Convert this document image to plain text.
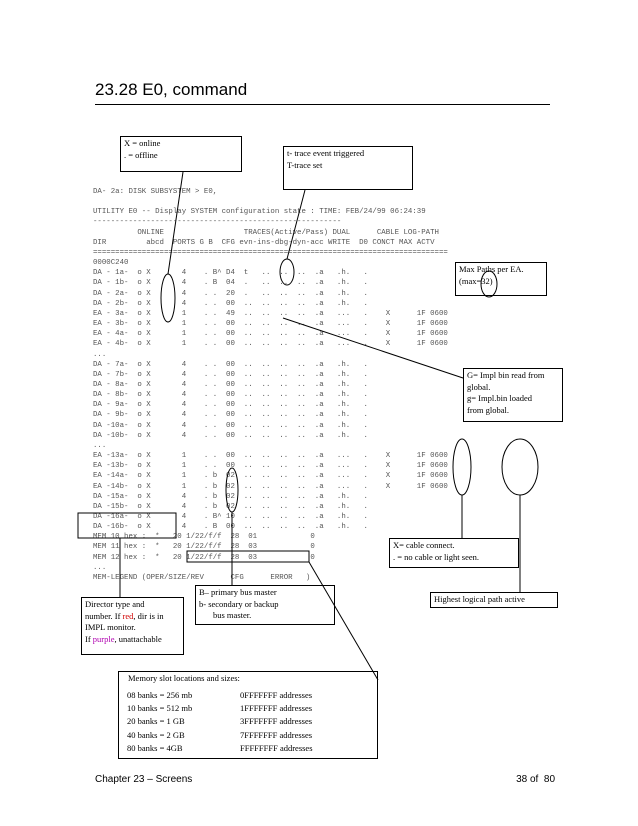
23.28 E0, command
DA- 2a: DISK SUBSYSTEM > E0,

UTILITY E0 -- Display SYSTEM configuration state : TIME: FEB/24/99 06:24:39
--------------------------------------------------------
ONLINE                  TRACES(Active/Pass) DUAL      CABLE LOG-PATH
DIR         abcd  PORTS G B  CFG evn-ins-dbg-dyn-acc WRITE  D0 CONCT MAX ACTV
================================================================================
0000C240
DA - 1a-  o X       4    . B^ D4  t   ..  ..  ..  .a   .h.   .
DA - 1b-  o X       4    . B  04  .   ..  ..  ..  .a   .h.   .
DA - 2a-  o X       4    . .  20  .   ..  ..  ..  .a   .h.   .
DA - 2b-  o X       4    . .  00  ..  ..  ..  ..  .a   .h.   .
EA - 3a-  o X       1    . .  49  ..  ..  ..  ..  .a   ...   .    X      1F 0600
EA - 3b-  o X       1    . .  00  ..  ..  ..  ..  .a   ...   .    X      1F 0600
EA - 4a-  o X       1    . .  00  ..  ..  ..  ..  .a   ...   .    X      1F 0600
EA - 4b-  o X       1    . .  00  ..  ..  ..  ..  .a   ...   .    X      1F 0600
...
DA - 7a-  o X       4    . .  00  ..  ..  ..  ..  .a   .h.   .
DA - 7b-  o X       4    . .  00  ..  ..  ..  ..  .a   .h.   .
DA - 8a-  o X       4    . .  00  ..  ..  ..  ..  .a   .h.   .
DA - 8b-  o X       4    . .  00  ..  ..  ..  ..  .a   .h.   .
DA - 9a-  o X       4    . .  00  ..  ..  ..  ..  .a   .h.   .
DA - 9b-  o X       4    . .  00  ..  ..  ..  ..  .a   .h.   .
DA -10a-  o X       4    . .  00  ..  ..  ..  ..  .a   .h.   .
DA -10b-  o X       4    . .  00  ..  ..  ..  ..  .a   .h.   .
...
EA -13a-  o X       1    . .  00  ..  ..  ..  ..  .a   ...   .    X      1F 0600
EA -13b-  o X       1    . .  00  ..  ..  ..  ..  .a   ...   .    X      1F 0600
EA -14a-  o X       1    . b  02  ..  ..  ..  ..  .a   ...   .    X      1F 0600
EA -14b-  o X       1    . b  02  ..  ..  ..  ..  .a   ...   .    X      1F 0600
DA -15a-  o X       4    . b  02  ..  ..  ..  ..  .a   .h.   .
DA -15b-  o X       4    . b  02  ..  ..  ..  ..  .a   .h.   .
DA -16a-  o X       4    . B^ 10  ..  ..  ..  ..  .a   .h.   .
DA -16b-  o X       4    . B  00  ..  ..  ..  ..  .a   .h.   .
MEM 10 hex :  *   20 1/22/f/f  28  01            0
MEM 11 hex :  *   20 1/22/f/f  28  03            0
MEM 12 hex :  *   20 1/22/f/f  28  03            0
...
MEM-LEGEND (OPER/SIZE/REV      CFG      ERROR   )
X = online
. = offline	t- trace event triggered
T-trace set
Max Paths per EA.
(max=32)
G= Impl bin read from
global.
g= Impl.bin loaded
from global.
X= cable connect.
. = no cable or light seen.
Highest logical path active
B– primary bus master
b- secondary or backup
bus master.
Director type and
number. If red, dir is in
IMPL monitor.
If purple, unattachable
Memory slot locations and sizes:
08 banks = 256 mb	0FFFFFFF addresses
10 banks = 512 mb	1FFFFFFF addresses
20 banks = 1 GB	3FFFFFFF addresses
40 banks = 2 GB	7FFFFFFF addresses
80 banks = 4GB	FFFFFFFF addresses
Chapter 23 – Screens	38 of  80
